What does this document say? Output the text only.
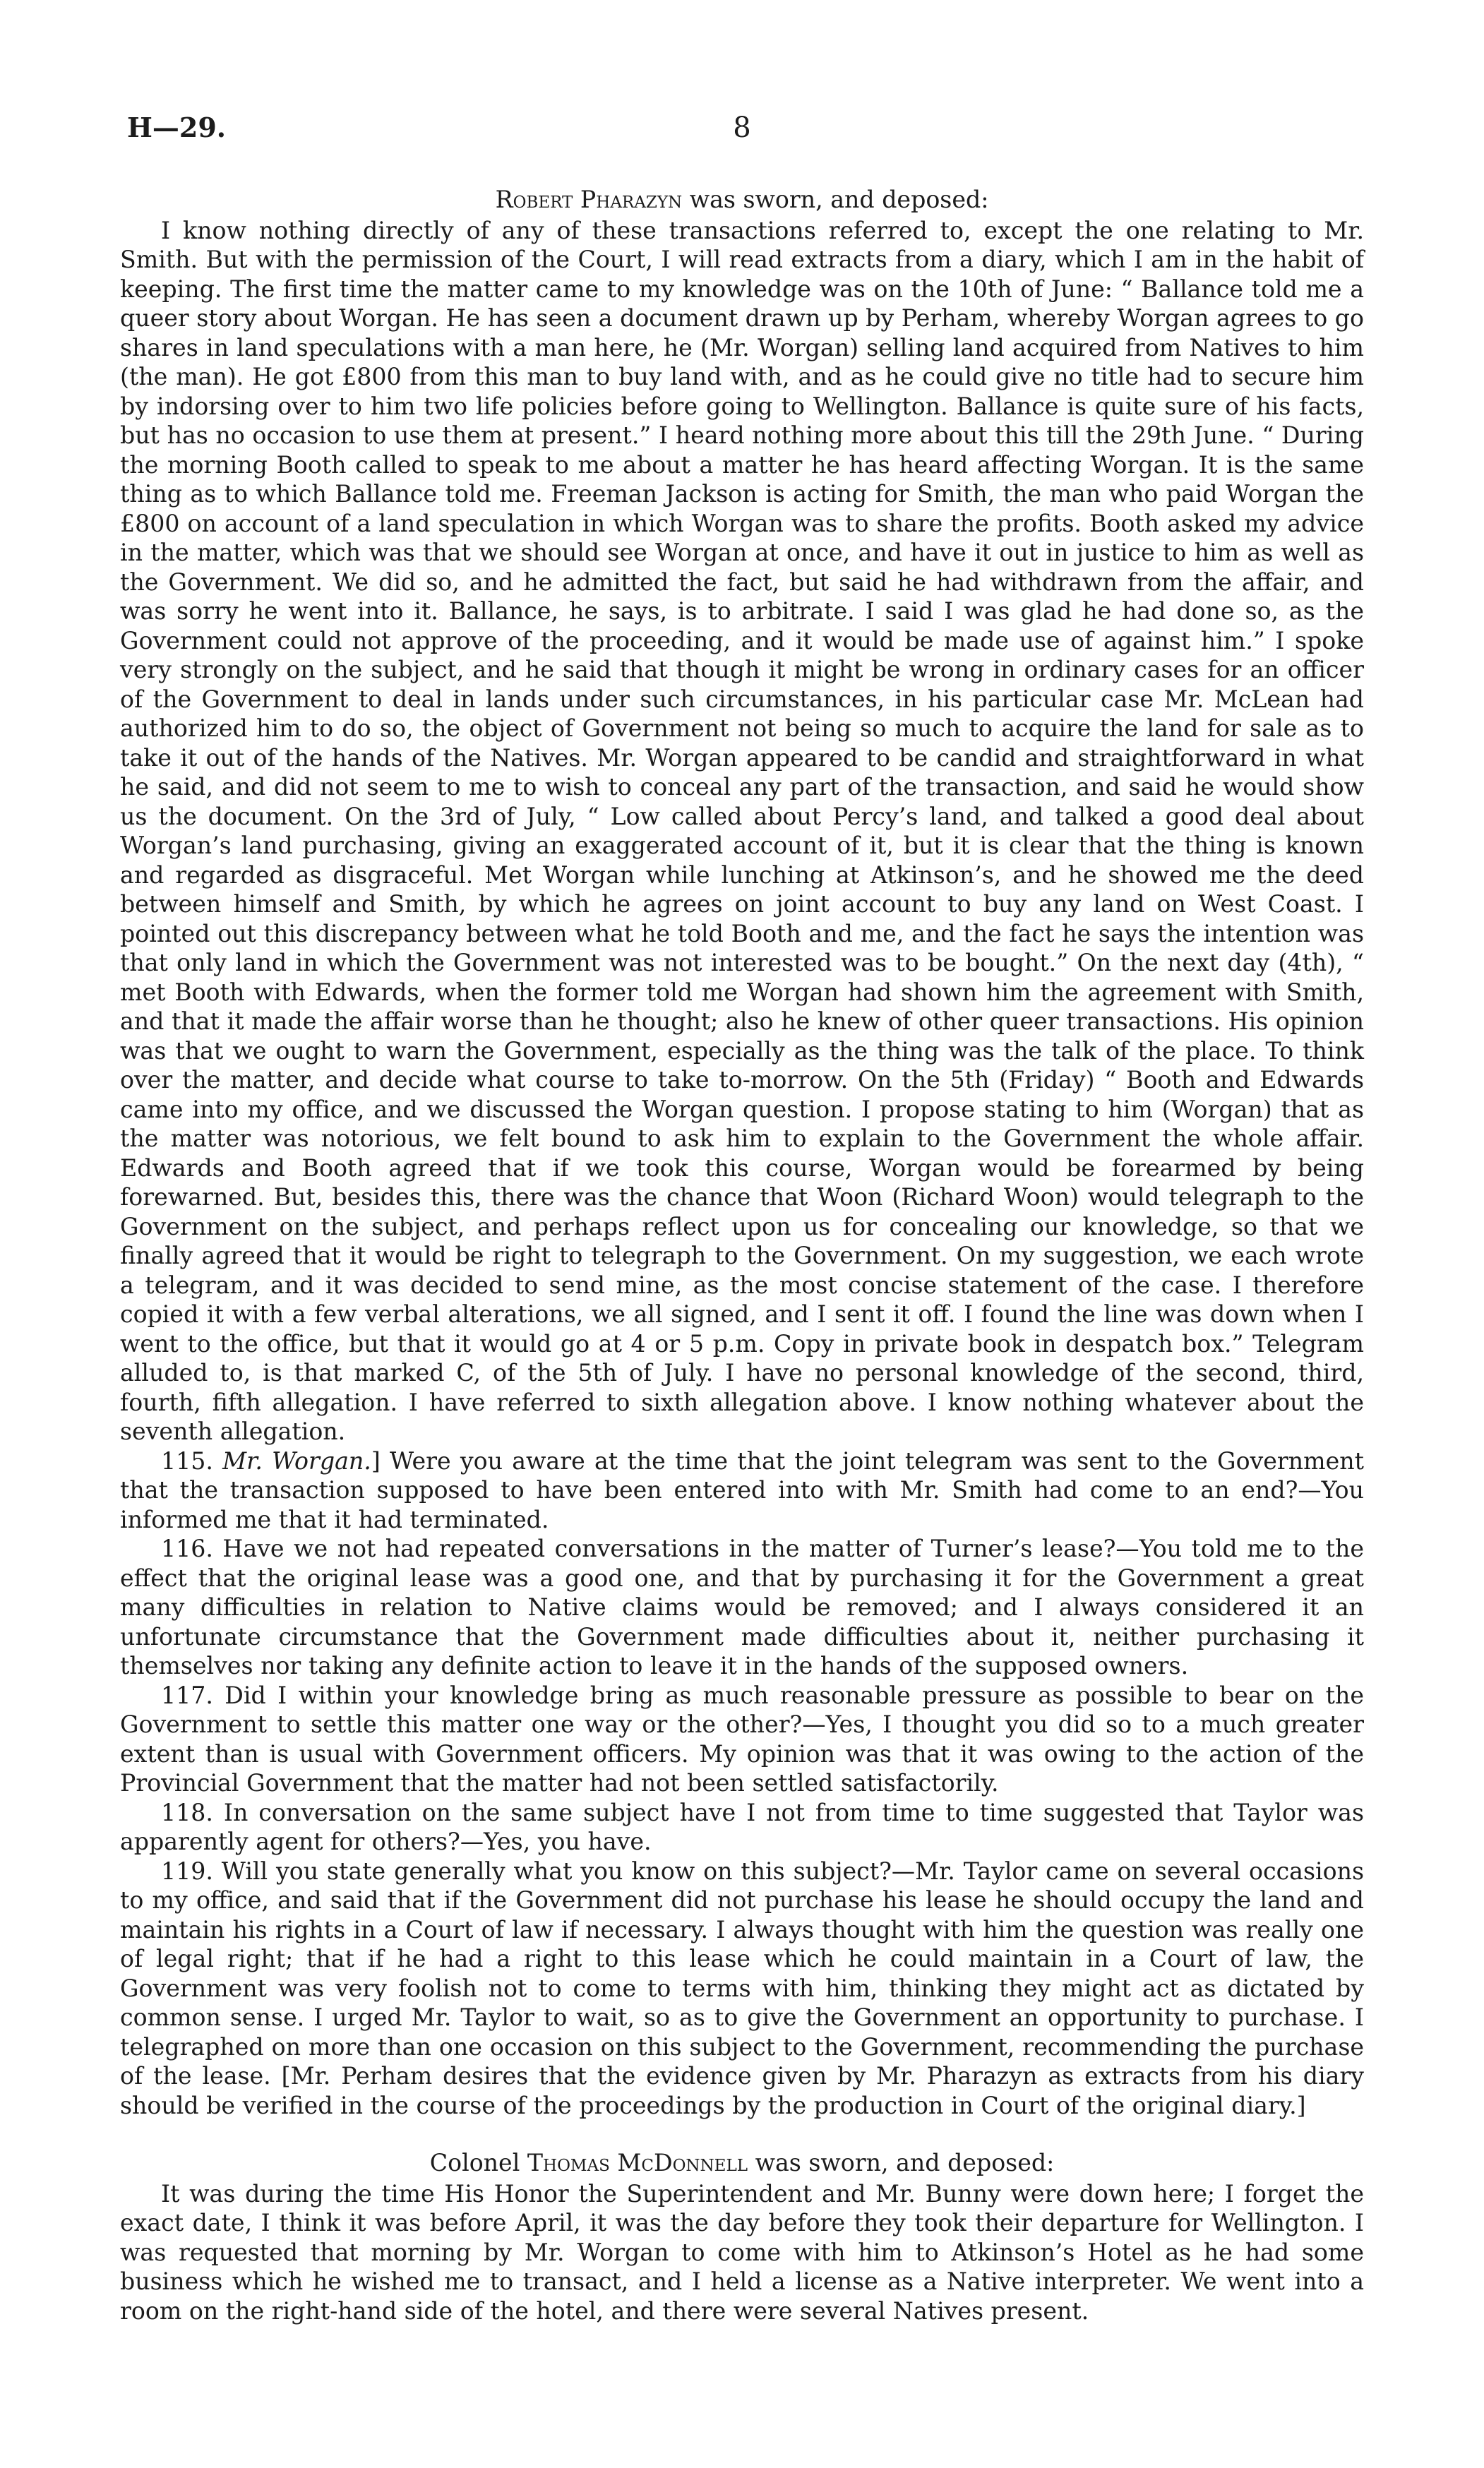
H—29.	8

Robert Pharazyn was sworn, and deposed:

I know nothing directly of any of these transactions referred to, except the one relating to Mr. Smith. But with the permission of the Court, I will read extracts from a diary, which I am in the habit of keeping. The first time the matter came to my knowledge was on the 10th of June: “ Ballance told me a queer story about Worgan. He has seen a document drawn up by Perham, whereby Worgan agrees to go shares in land speculations with a man here, he (Mr. Worgan) selling land acquired from Natives to him (the man). He got £800 from this man to buy land with, and as he could give no title had to secure him by indorsing over to him two life policies before going to Wellington. Ballance is quite sure of his facts, but has no occasion to use them at present.” I heard nothing more about this till the 29th June. “ During the morning Booth called to speak to me about a matter he has heard affecting Worgan. It is the same thing as to which Ballance told me. Freeman Jackson is acting for Smith, the man who paid Worgan the £800 on account of a land speculation in which Worgan was to share the profits. Booth asked my advice in the matter, which was that we should see Worgan at once, and have it out in justice to him as well as the Government. We did so, and he admitted the fact, but said he had withdrawn from the affair, and was sorry he went into it. Ballance, he says, is to arbitrate. I said I was glad he had done so, as the Government could not approve of the proceeding, and it would be made use of against him.” I spoke very strongly on the subject, and he said that though it might be wrong in ordinary cases for an officer of the Government to deal in lands under such circumstances, in his particular case Mr. McLean had authorized him to do so, the object of Government not being so much to acquire the land for sale as to take it out of the hands of the Natives. Mr. Worgan appeared to be candid and straightforward in what he said, and did not seem to me to wish to conceal any part of the transaction, and said he would show us the document. On the 3rd of July, “ Low called about Percy’s land, and talked a good deal about Worgan’s land purchasing, giving an exaggerated account of it, but it is clear that the thing is known and regarded as disgraceful. Met Worgan while lunching at Atkinson’s, and he showed me the deed between himself and Smith, by which he agrees on joint account to buy any land on West Coast. I pointed out this discrepancy between what he told Booth and me, and the fact he says the intention was that only land in which the Government was not interested was to be bought.” On the next day (4th), “ met Booth with Edwards, when the former told me Worgan had shown him the agreement with Smith, and that it made the affair worse than he thought; also he knew of other queer transactions. His opinion was that we ought to warn the Government, especially as the thing was the talk of the place. To think over the matter, and decide what course to take to-morrow. On the 5th (Friday) “ Booth and Edwards came into my office, and we discussed the Worgan question. I propose stating to him (Worgan) that as the matter was notorious, we felt bound to ask him to explain to the Government the whole affair. Edwards and Booth agreed that if we took this course, Worgan would be forearmed by being forewarned. But, besides this, there was the chance that Woon (Richard Woon) would telegraph to the Government on the subject, and perhaps reflect upon us for concealing our knowledge, so that we finally agreed that it would be right to telegraph to the Government. On my suggestion, we each wrote a telegram, and it was decided to send mine, as the most concise statement of the case. I therefore copied it with a few verbal alterations, we all signed, and I sent it off. I found the line was down when I went to the office, but that it would go at 4 or 5 p.m. Copy in private book in despatch box.” Telegram alluded to, is that marked C, of the 5th of July. I have no personal knowledge of the second, third, fourth, fifth allegation. I have referred to sixth allegation above. I know nothing whatever about the seventh allegation.

115. Mr. Worgan.] Were you aware at the time that the joint telegram was sent to the Government that the transaction supposed to have been entered into with Mr. Smith had come to an end?—You informed me that it had terminated.

116. Have we not had repeated conversations in the matter of Turner’s lease?—You told me to the effect that the original lease was a good one, and that by purchasing it for the Government a great many difficulties in relation to Native claims would be removed; and I always considered it an unfortunate circumstance that the Government made difficulties about it, neither purchasing it themselves nor taking any definite action to leave it in the hands of the supposed owners.

117. Did I within your knowledge bring as much reasonable pressure as possible to bear on the Government to settle this matter one way or the other?—Yes, I thought you did so to a much greater extent than is usual with Government officers. My opinion was that it was owing to the action of the Provincial Government that the matter had not been settled satisfactorily.

118. In conversation on the same subject have I not from time to time suggested that Taylor was apparently agent for others?—Yes, you have.

119. Will you state generally what you know on this subject?—Mr. Taylor came on several occasions to my office, and said that if the Government did not purchase his lease he should occupy the land and maintain his rights in a Court of law if necessary. I always thought with him the question was really one of legal right; that if he had a right to this lease which he could maintain in a Court of law, the Government was very foolish not to come to terms with him, thinking they might act as dictated by common sense. I urged Mr. Taylor to wait, so as to give the Government an opportunity to purchase. I telegraphed on more than one occasion on this subject to the Government, recommending the purchase of the lease. [Mr. Perham desires that the evidence given by Mr. Pharazyn as extracts from his diary should be verified in the course of the proceedings by the production in Court of the original diary.]

Colonel Thomas McDonnell was sworn, and deposed:

It was during the time His Honor the Superintendent and Mr. Bunny were down here; I forget the exact date, I think it was before April, it was the day before they took their departure for Wellington. I was requested that morning by Mr. Worgan to come with him to Atkinson’s Hotel as he had some business which he wished me to transact, and I held a license as a Native interpreter. We went into a room on the right-hand side of the hotel, and there were several Natives present.
